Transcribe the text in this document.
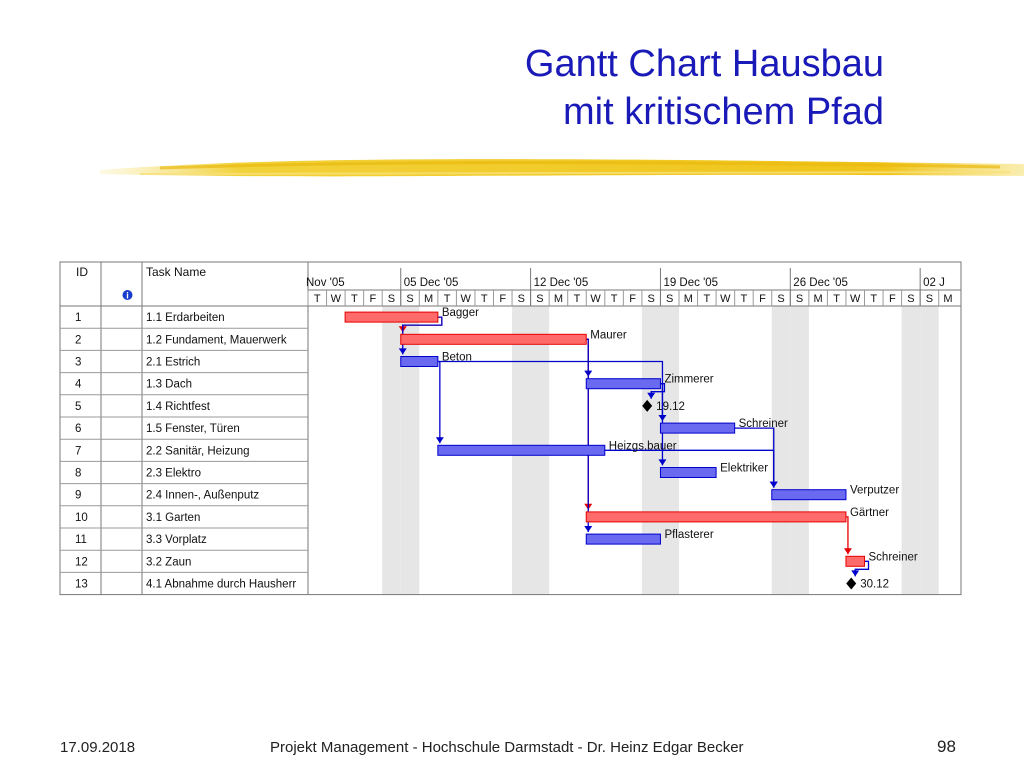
Gantt Chart Hausbau
mit kritischem Pfad
T W T F S S M T W T F S S M T W T F S S M T W T F S S M T W T F S S M
Nov '05	05 Dec '05	12 Dec '05	19 Dec '05	26 Dec '05	02 J
ID	Task Name
i
1	1.1 Erdarbeiten
2	1.2 Fundament, Mauerwerk
3	2.1 Estrich
4	1.3 Dach
5	1.4 Richtfest
6	1.5 Fenster, Türen
7	2.2 Sanitär, Heizung
8	2.3 Elektro
9	2.4 Innen-, Außenputz
10	3.1 Garten
11	3.3 Vorplatz
12	3.2 Zaun
13	4.1 Abnahme durch Hausherr
Bagger
Maurer
Beton
Zimmerer
19.12
Schreiner
Heizgs.bauer
Elektriker
Verputzer
Gärtner
Pflasterer
Schreiner
30.12
17.09.2018	Projekt Management - Hochschule Darmstadt - Dr. Heinz Edgar Becker	98
